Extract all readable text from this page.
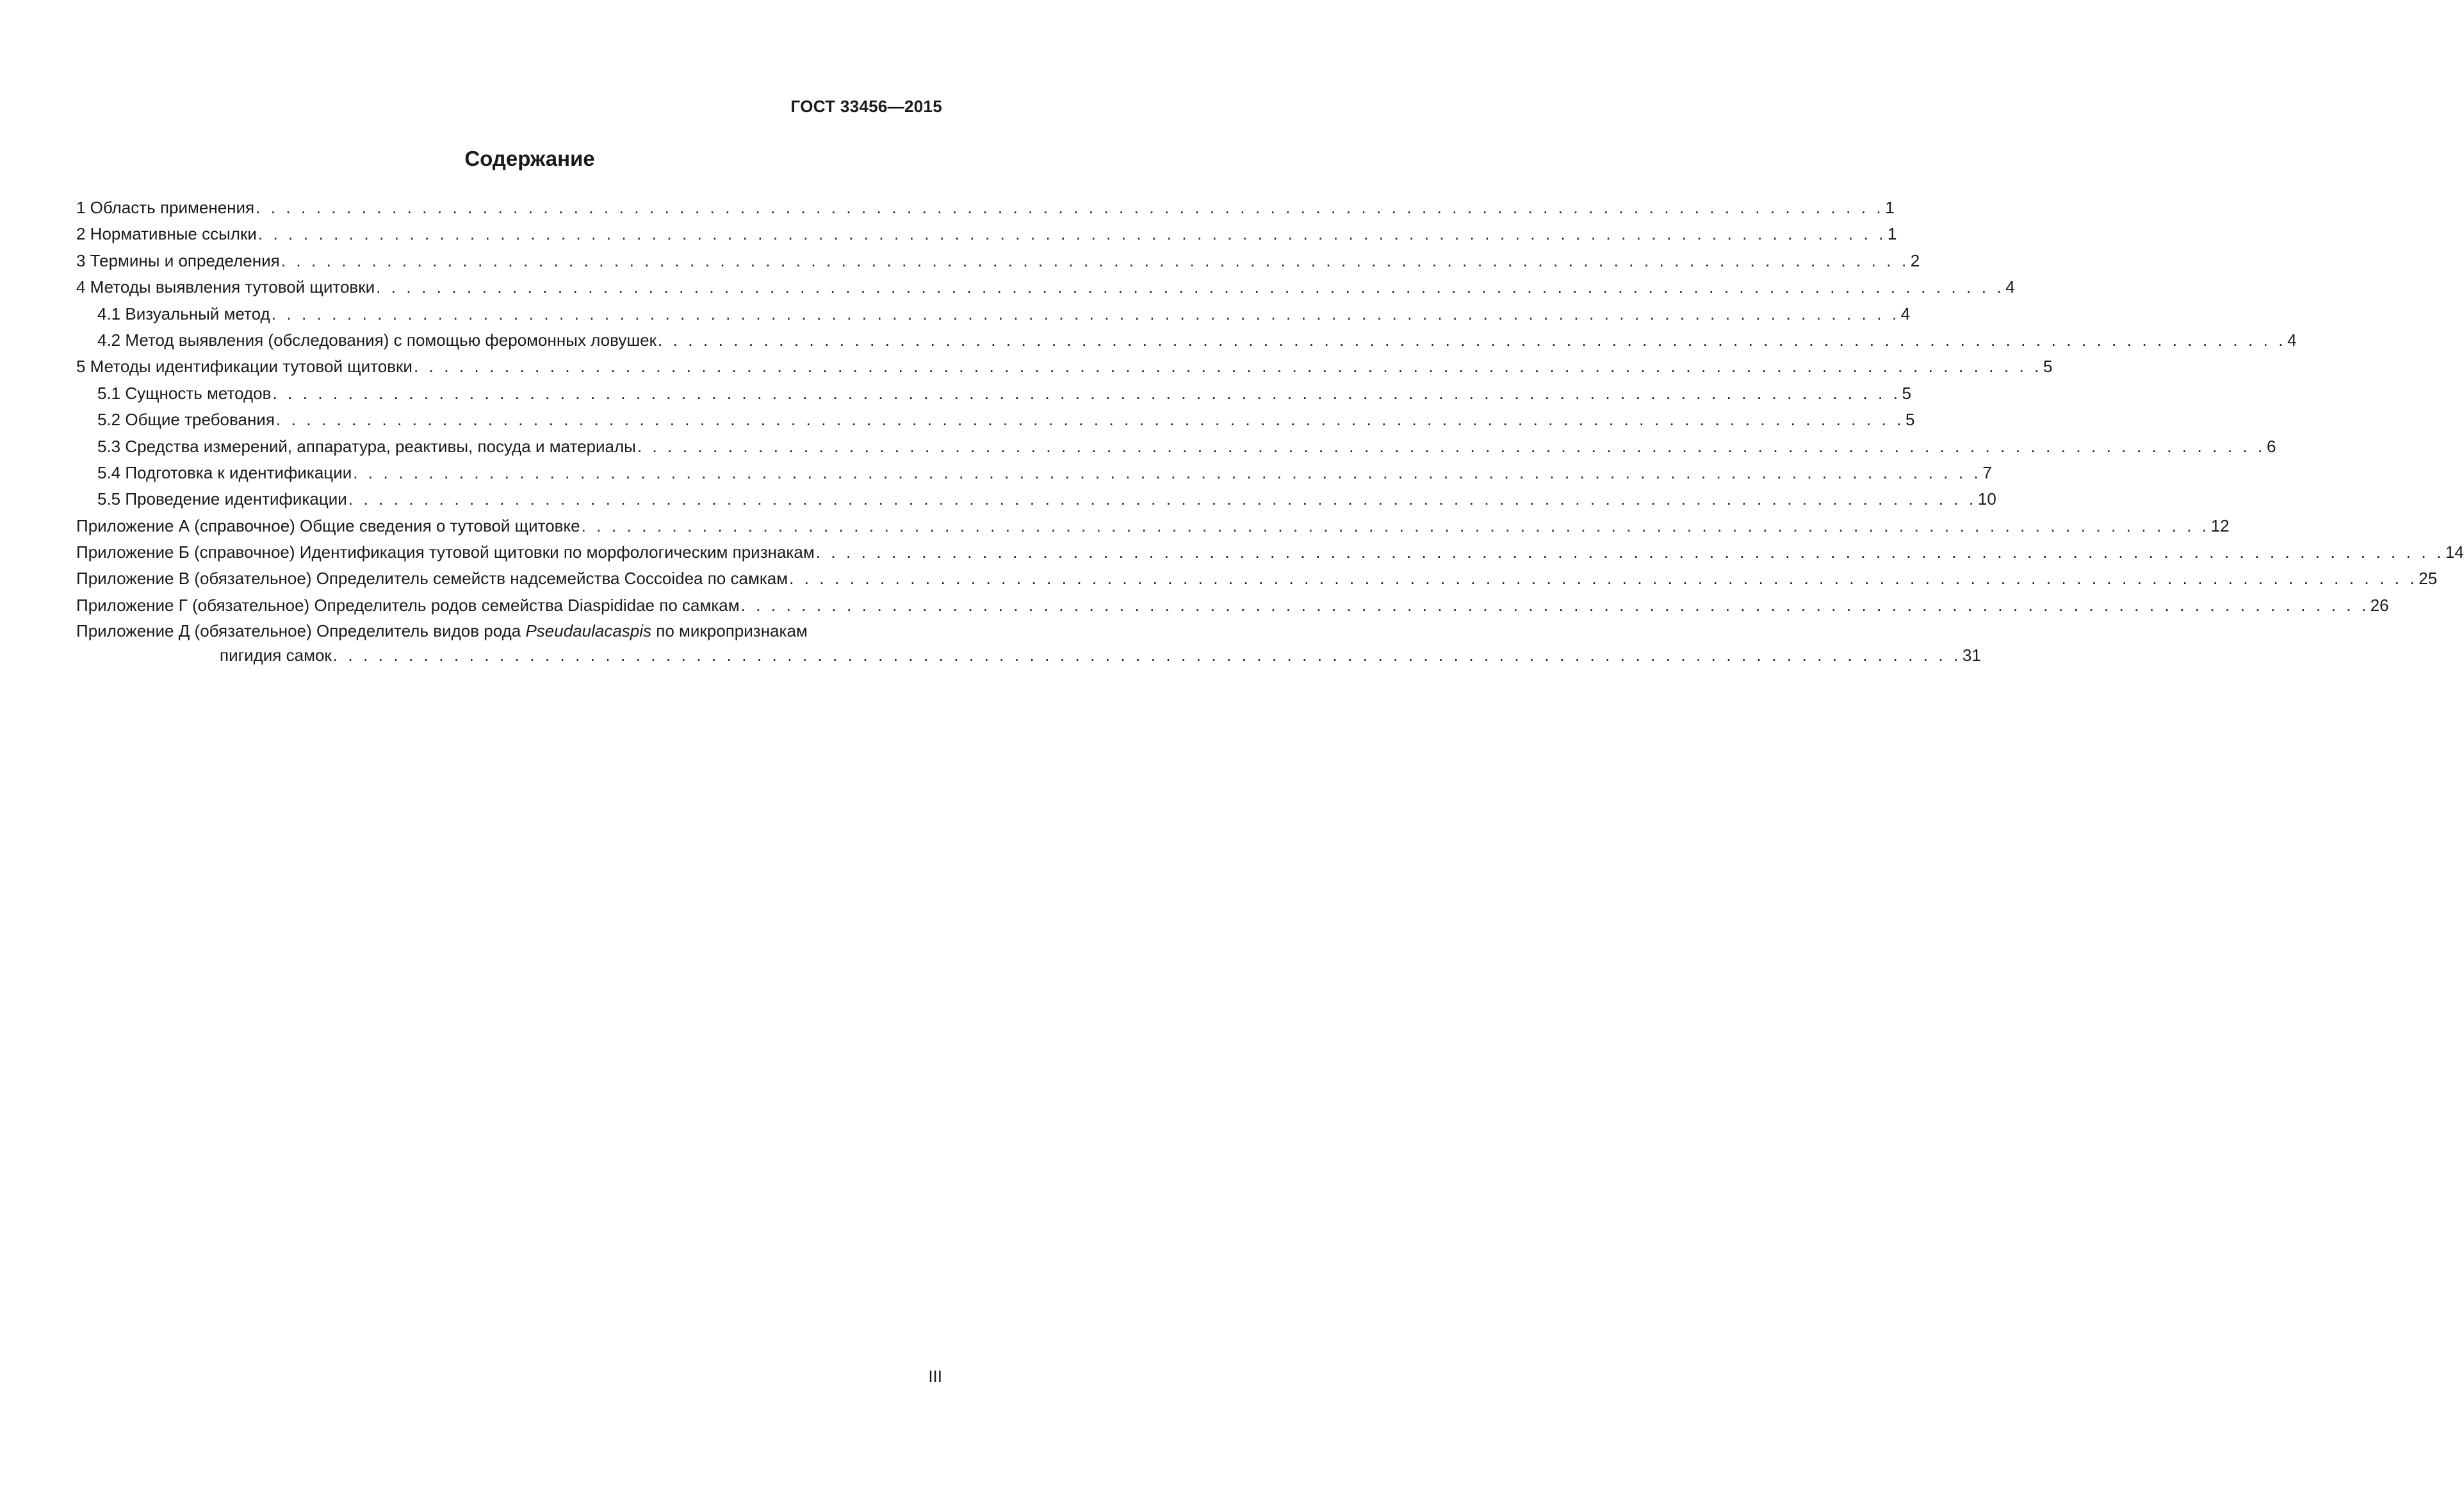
ГОСТ 33456—2015
Содержание
1 Область применения . . . . . . . . . . . . . . . . . . . . . . . . . . . . . . . . . . . . . . . . . . . . . . . . . . . . . . . . . . . . . . . . . . . . . . . . . . . . . . . . . . . . . . . . . . . . . . . . . . . . . . . . . . . . 1
2 Нормативные ссылки . . . . . . . . . . . . . . . . . . . . . . . . . . . . . . . . . . . . . . . . . . . . . . . . . . . . . . . . . . . . . . . . . . . . . . . . . . . . . . . . . . . . . . . . . . . . . . . . . . . . . . . . . . . . 1
3 Термины и определения . . . . . . . . . . . . . . . . . . . . . . . . . . . . . . . . . . . . . . . . . . . . . . . . . . . . . . . . . . . . . . . . . . . . . . . . . . . . . . . . . . . . . . . . . . . . . . . . . . . . . . . . . . . . 2
4 Методы выявления тутовой щитовки . . . . . . . . . . . . . . . . . . . . . . . . . . . . . . . . . . . . . . . . . . . . . . . . . . . . . . . . . . . . . . . . . . . . . . . . . . . . . . . . . . . . . . . . . . . . . . . . . . . . . . . . . . . . 4
4.1 Визуальный метод . . . . . . . . . . . . . . . . . . . . . . . . . . . . . . . . . . . . . . . . . . . . . . . . . . . . . . . . . . . . . . . . . . . . . . . . . . . . . . . . . . . . . . . . . . . . . . . . . . . . . . . . . . . . 4
4.2 Метод выявления (обследования) с помощью феромонных ловушек . . . . . . . . . . . . . . . . . . . . . . . . . . . . . . . . . . . . . . . . . . . . . . . . . . . . . . . . . . . . . . . . . . . . . . . . . . . . . . . . . . . . . . . . . . . . . . . . . . . . . . . . . . . . 4
5 Методы идентификации тутовой щитовки . . . . . . . . . . . . . . . . . . . . . . . . . . . . . . . . . . . . . . . . . . . . . . . . . . . . . . . . . . . . . . . . . . . . . . . . . . . . . . . . . . . . . . . . . . . . . . . . . . . . . . . . . . . . 5
5.1 Сущность методов . . . . . . . . . . . . . . . . . . . . . . . . . . . . . . . . . . . . . . . . . . . . . . . . . . . . . . . . . . . . . . . . . . . . . . . . . . . . . . . . . . . . . . . . . . . . . . . . . . . . . . . . . . . . 5
5.2 Общие требования . . . . . . . . . . . . . . . . . . . . . . . . . . . . . . . . . . . . . . . . . . . . . . . . . . . . . . . . . . . . . . . . . . . . . . . . . . . . . . . . . . . . . . . . . . . . . . . . . . . . . . . . . . . . 5
5.3 Средства измерений, аппаратура, реактивы, посуда и материалы . . . . . . . . . . . . . . . . . . . . . . . . . . . . . . . . . . . . . . . . . . . . . . . . . . . . . . . . . . . . . . . . . . . . . . . . . . . . . . . . . . . . . . . . . . . . . . . . . . . . . . . . . . . . 6
5.4 Подготовка к идентификации . . . . . . . . . . . . . . . . . . . . . . . . . . . . . . . . . . . . . . . . . . . . . . . . . . . . . . . . . . . . . . . . . . . . . . . . . . . . . . . . . . . . . . . . . . . . . . . . . . . . . . . . . . . . 7
5.5 Проведение идентификации . . . . . . . . . . . . . . . . . . . . . . . . . . . . . . . . . . . . . . . . . . . . . . . . . . . . . . . . . . . . . . . . . . . . . . . . . . . . . . . . . . . . . . . . . . . . . . . . . . . . . . . . . . . . 10
Приложение А (справочное) Общие сведения о тутовой щитовке . . . . . . . . . . . . . . . . . . . . . . . . . . . . . . . . . . . . . . . . . . . . . . . . . . . . . . . . . . . . . . . . . . . . . . . . . . . . . . . . . . . . . . . . . . . . . . . . . . . . . . . . . . . . 12
Приложение Б (справочное) Идентификация тутовой щитовки по морфологическим признакам . . . . . . . . . . . . . . . . . . . . . . . . . . . . . . . . . . . . . . . . . . . . . . . . . . . . . . . . . . . . . . . . . . . . . . . . . . . . . . . . . . . . . . . . . . . . . . . . . . . . . . . . . . . . 14
Приложение В (обязательное) Определитель семейств надсемейства Coccoidea по самкам . . . . . . . . . . . . . . . . . . . . . . . . . . . . . . . . . . . . . . . . . . . . . . . . . . . . . . . . . . . . . . . . . . . . . . . . . . . . . . . . . . . . . . . . . . . . . . . . . . . . . . . . . . . . 25
Приложение Г (обязательное) Определитель родов семейства Diaspididae по самкам . . . . . . . . . . . . . . . . . . . . . . . . . . . . . . . . . . . . . . . . . . . . . . . . . . . . . . . . . . . . . . . . . . . . . . . . . . . . . . . . . . . . . . . . . . . . . . . . . . . . . . . . . . . . 26
Приложение Д (обязательное) Определитель видов рода Pseudaulacaspis по микропризнакам
пигидия самок . . . . . . . . . . . . . . . . . . . . . . . . . . . . . . . . . . . . . . . . . . . . . . . . . . . . . . . . . . . . . . . . . . . . . . . . . . . . . . . . . . . . . . . . . . . . . . . . . . . . . . . . . . . . 31
III
